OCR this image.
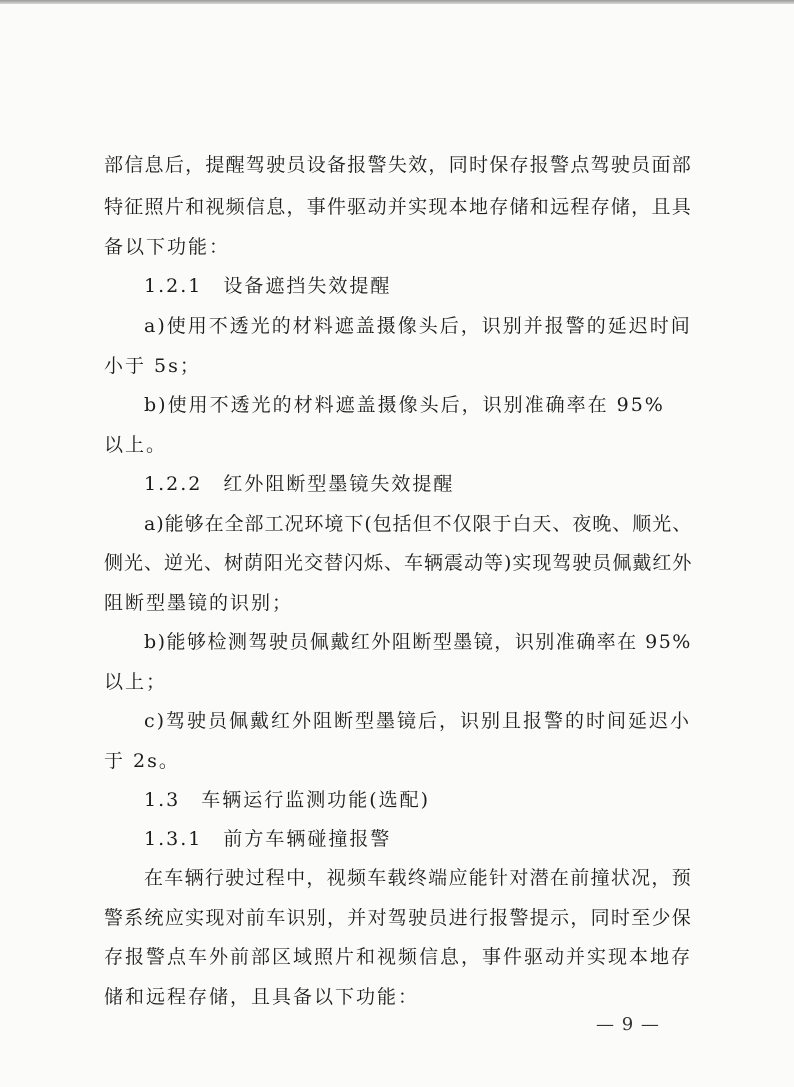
部信息后，提醒驾驶员设备报警失效，同时保存报警点驾驶员面部
特征照片和视频信息，事件驱动并实现本地存储和远程存储，且具
备以下功能：
1.2.1　设备遮挡失效提醒
a)使用不透光的材料遮盖摄像头后，识别并报警的延迟时间
小于 5s；
b)使用不透光的材料遮盖摄像头后，识别准确率在 95%
以上。
1.2.2　红外阻断型墨镜失效提醒
a)能够在全部工况环境下(包括但不仅限于白天、夜晚、顺光、
侧光、逆光、树荫阳光交替闪烁、车辆震动等)实现驾驶员佩戴红外
阻断型墨镜的识别；
b)能够检测驾驶员佩戴红外阻断型墨镜，识别准确率在 95%
以上；
c)驾驶员佩戴红外阻断型墨镜后，识别且报警的时间延迟小
于 2s。
1.3　车辆运行监测功能(选配)
1.3.1　前方车辆碰撞报警
在车辆行驶过程中，视频车载终端应能针对潜在前撞状况，预
警系统应实现对前车识别，并对驾驶员进行报警提示，同时至少保
存报警点车外前部区域照片和视频信息，事件驱动并实现本地存
储和远程存储，且具备以下功能：
— 9 —
